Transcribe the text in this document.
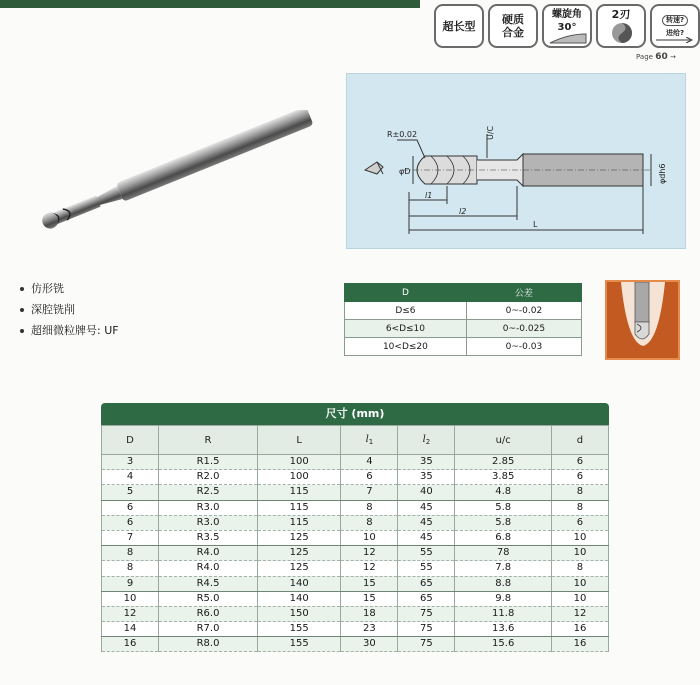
超长型 硬质
合金
螺旋角
30°
2刃	转速?
进给?
Page 60 →
R±0.02	U/C
φD	φdh6
l1
l2
L
仿形铣
深腔铣削
超细微粒牌号: UF
D	公差
D≤6	0~-0.02
6<D≤10	0~-0.025
10<D≤20	0~-0.03
尺寸 (mm)
D	R	L	$l_1$	$l_2$	u/c	d
3	R1.5	100	4	35	2.85	6
4	R2.0	100	6	35	3.85	6
5	R2.5	115	7	40	4.8	8
6	R3.0	115	8	45	5.8	8
6	R3.0	115	8	45	5.8	6
7	R3.5	125	10	45	6.8	10
8	R4.0	125	12	55	78	10
8	R4.0	125	12	55	7.8	8
9	R4.5	140	15	65	8.8	10
10	R5.0	140	15	65	9.8	10
12	R6.0	150	18	75	11.8	12
14	R7.0	155	23	75	13.6	16
16	R8.0	155	30	75	15.6	16
